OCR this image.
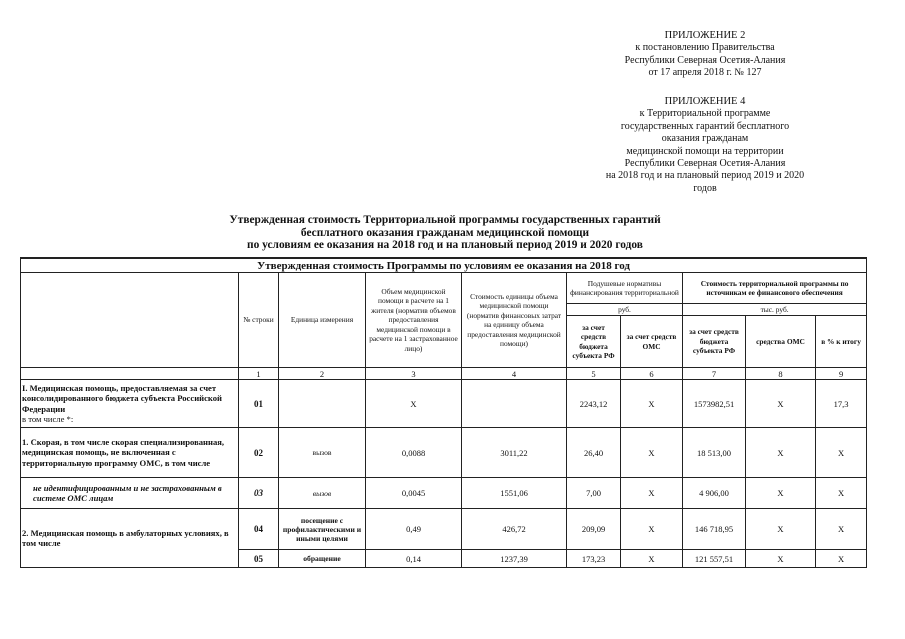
ПРИЛОЖЕНИЕ 2
к постановлению Правительства
Республики Северная Осетия-Алания
от 17 апреля 2018 г. № 127
ПРИЛОЖЕНИЕ 4
к Территориальной программе
государственных гарантий бесплатного
оказания гражданам
медицинской помощи на территории
Республики Северная Осетия-Алания
на 2018 год и на плановый период 2019 и 2020
годов
Утвержденная стоимость Территориальной программы государственных гарантий
бесплатного оказания гражданам медицинской помощи
по условиям ее оказания на 2018 год и на плановый период 2019 и 2020 годов
Утвержденная стоимость Программы по условиям ее оказания на 2018 год									
	№ строки	Единица измерения	Объем медицинской помощи в расчете на 1 жителя (норматив объемов предоставления медицинской помощи в расчете на 1 застрахованное лицо)	Стоимость единицы объема медицинской помощи (норматив финансовых затрат на единицу объема предоставления медицинской помощи)	Подушевые нормативы финансирования территориальной		Стоимость территориальной программы по источникам ее финансового обеспечения		
					руб.		тыс. руб.		
					за счет средств бюджета субъекта РФ	за счет средств ОМС	за счет средств бюджета субъекта РФ	средства ОМС	в % к итогу
	1	2	3	4	5	6	7	8	9
I. Медицинская помощь, предоставляемая за счет консолидированного бюджета субъекта Российской Федерации
в том числе *:	01		X		2243,12	X	1573982,51	X	17,3
1. Скорая, в том числе скорая специализированная, медицинская помощь, не включенная с территориальную программу ОМС, в том числе	02	вызов	0,0088	3011,22	26,40	X	18 513,00	X	X
не идентифицированным и не застрахованным в системе ОМС лицам	03	вызов	0,0045	1551,06	7,00	X	4 906,00	X	X
2. Медицинская помощь в амбулаторных условиях, в том числе	04	посещение с профилактическими и иными целями	0,49	426,72	209,09	X	146 718,95	X	X
	05	обращение	0,14	1237,39	173,23	X	121 557,51	X	X
